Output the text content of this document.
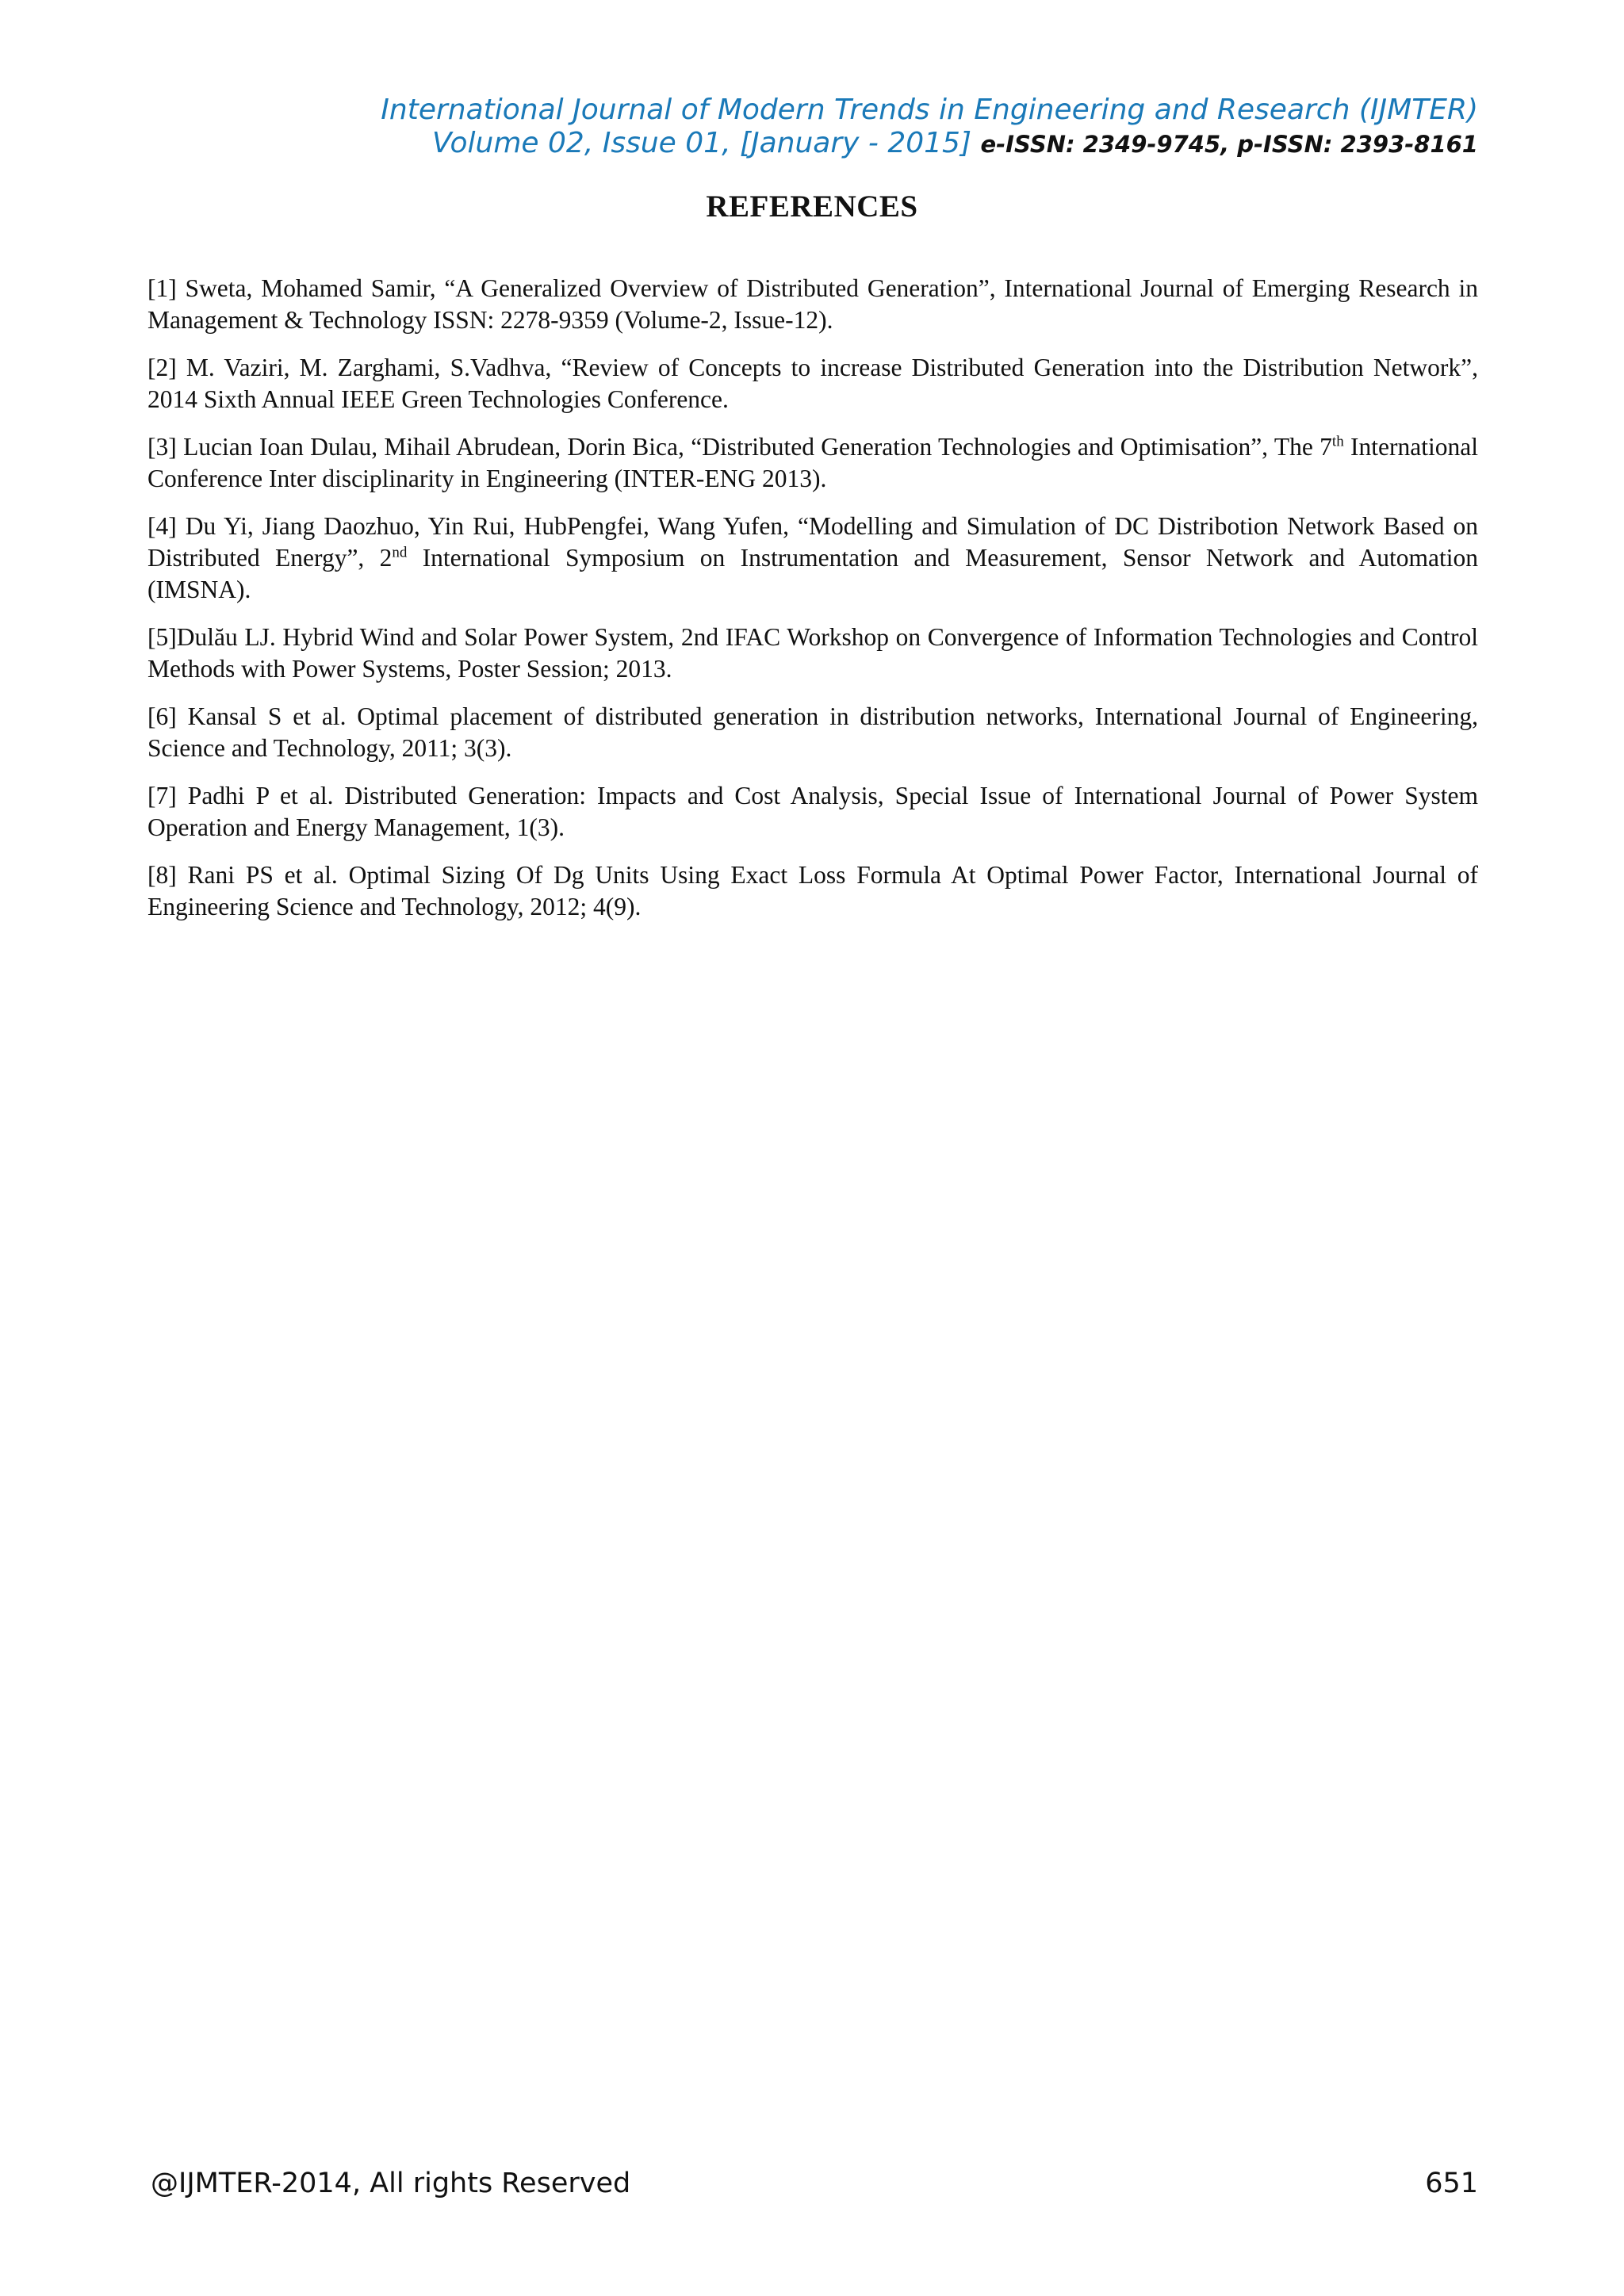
International Journal of Modern Trends in Engineering and Research (IJMTER)
Volume 02, Issue 01, [January - 2015] e-ISSN: 2349-9745, p-ISSN: 2393-8161
REFERENCES
[1] Sweta, Mohamed Samir, “A Generalized Overview of Distributed Generation”, International Journal of Emerging Research in Management & Technology ISSN: 2278-9359 (Volume-2, Issue-12).
[2] M. Vaziri, M. Zarghami, S.Vadhva, “Review of Concepts to increase Distributed Generation into the Distribution Network”, 2014 Sixth Annual IEEE Green Technologies Conference.
[3] Lucian Ioan Dulau, Mihail Abrudean, Dorin Bica, “Distributed Generation Technologies and Optimisation”, The 7th International Conference Inter disciplinarity in Engineering (INTER-ENG 2013).
[4] Du Yi, Jiang Daozhuo, Yin Rui, HubPengfei, Wang Yufen, “Modelling and Simulation of DC Distribotion Network Based on Distributed Energy”, 2nd International Symposium on Instrumentation and Measurement, Sensor Network and Automation (IMSNA).
[5]Dulău LJ. Hybrid Wind and Solar Power System, 2nd IFAC Workshop on Convergence of Information Technologies and Control Methods with Power Systems, Poster Session; 2013.
[6] Kansal S et al. Optimal placement of distributed generation in distribution networks, International Journal of Engineering, Science and Technology, 2011; 3(3).
[7] Padhi P et al. Distributed Generation: Impacts and Cost Analysis, Special Issue of International Journal of Power System Operation and Energy Management, 1(3).
[8] Rani PS et al. Optimal Sizing Of Dg Units Using Exact Loss Formula At Optimal Power Factor, International Journal of Engineering Science and Technology, 2012; 4(9).
@IJMTER-2014, All rights Reserved	651
